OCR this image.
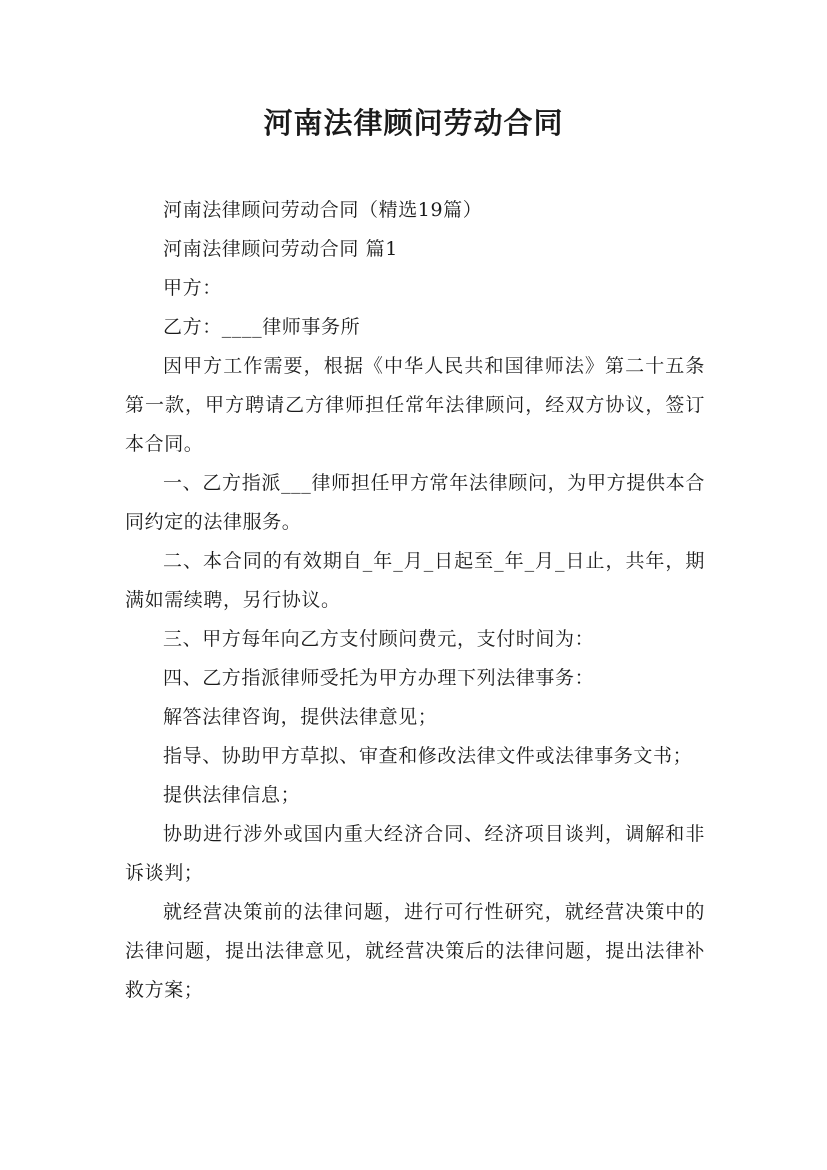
河南法律顾问劳动合同

河南法律顾问劳动合同（精选19篇）

河南法律顾问劳动合同 篇1

甲方：

乙方：____律师事务所

因甲方工作需要，根据《中华人民共和国律师法》第二十五条第一款，甲方聘请乙方律师担任常年法律顾问，经双方协议，签订本合同。

一、乙方指派___律师担任甲方常年法律顾问，为甲方提供本合同约定的法律服务。

二、本合同的有效期自_年_月_日起至_年_月_日止，共年，期满如需续聘，另行协议。

三、甲方每年向乙方支付顾问费元，支付时间为：

四、乙方指派律师受托为甲方办理下列法律事务：

解答法律咨询，提供法律意见；

指导、协助甲方草拟、审查和修改法律文件或法律事务文书；

提供法律信息；

协助进行涉外或国内重大经济合同、经济项目谈判，调解和非诉谈判；

就经营决策前的法律问题，进行可行性研究，就经营决策中的法律问题，提出法律意见，就经营决策后的法律问题，提出法律补救方案；
